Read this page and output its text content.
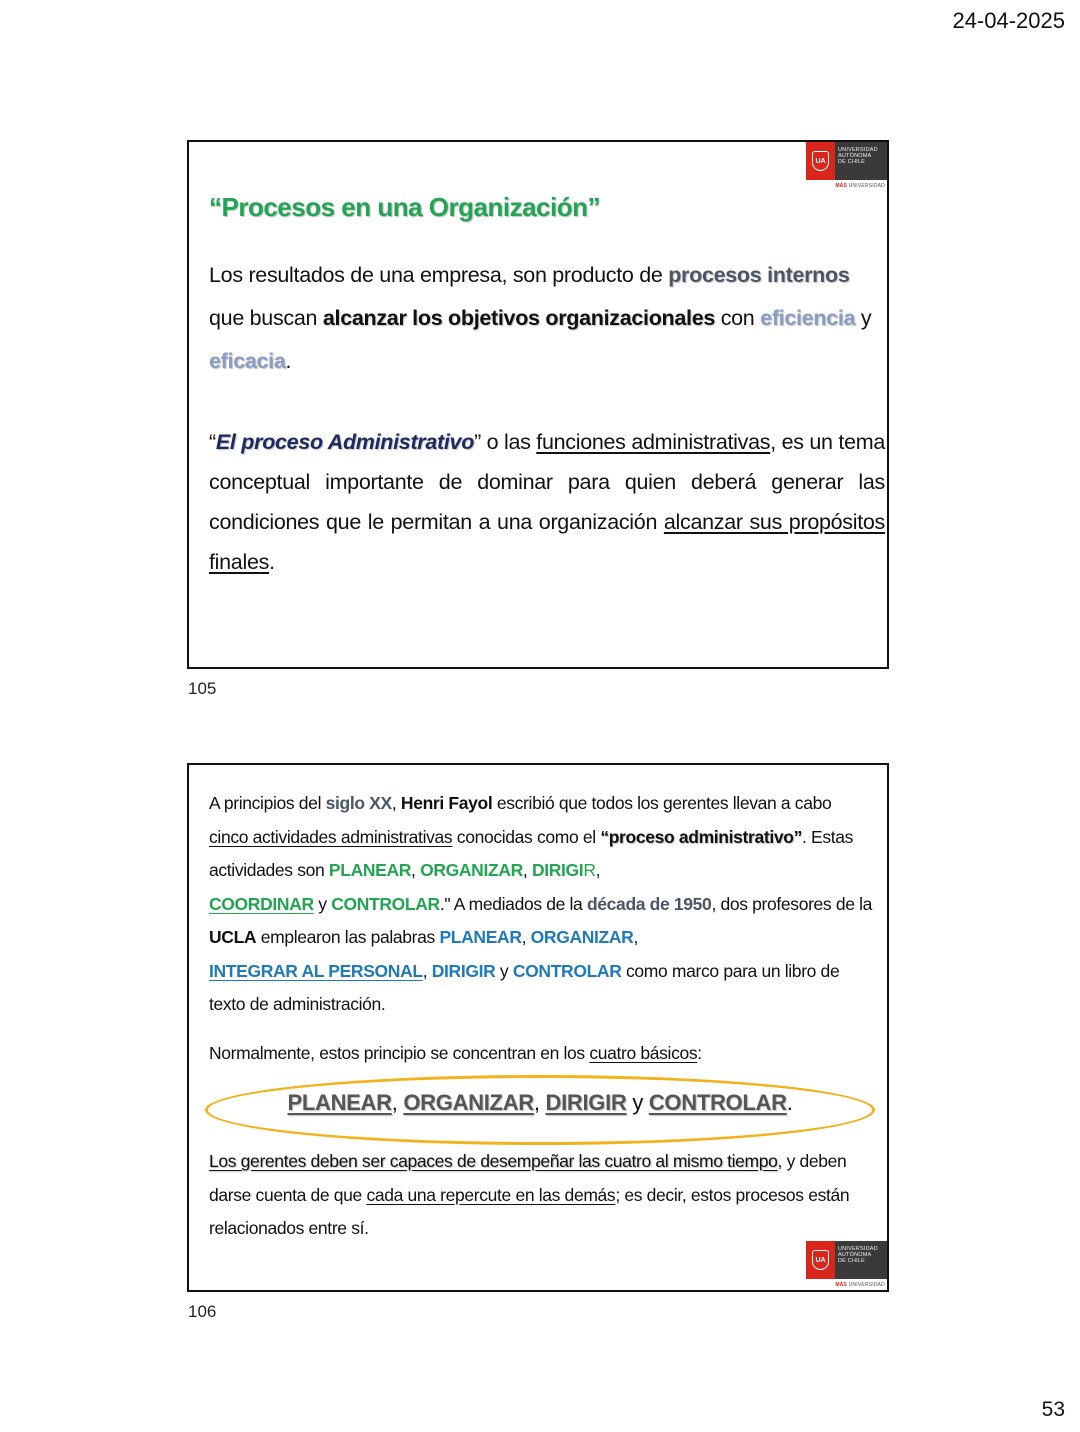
24-04-2025
UA
UNIVERSIDAD
AUTÓNOMA
DE CHILE
MÁS UNIVERSIDAD
“Procesos en una Organización”
Los resultados de una empresa, son producto de procesos internos que buscan alcanzar los objetivos organizacionales con eficiencia y eficacia.
“El proceso Administrativo” o las funciones administrativas, es un tema conceptual importante de dominar para quien deberá generar las condiciones que le permitan a una organización alcanzar sus propósitos finales.
105
A principios del siglo XX, Henri Fayol escribió que todos los gerentes llevan a cabo cinco actividades administrativas conocidas como el “proceso administrativo”. Estas actividades son PLANEAR, ORGANIZAR, DIRIGIR,
COORDINAR y CONTROLAR." A mediados de la década de 1950, dos profesores de la UCLA emplearon las palabras PLANEAR, ORGANIZAR,
INTEGRAR AL PERSONAL, DIRIGIR y CONTROLAR como marco para un libro de texto de administración.
Normalmente, estos principio se concentran en los cuatro básicos:
PLANEAR, ORGANIZAR, DIRIGIR y CONTROLAR.
Los gerentes deben ser capaces de desempeñar las cuatro al mismo tiempo, y deben darse cuenta de que cada una repercute en las demás; es decir, estos procesos están relacionados entre sí.
UA
UNIVERSIDAD
AUTÓNOMA
DE CHILE
MÁS UNIVERSIDAD
106
53
